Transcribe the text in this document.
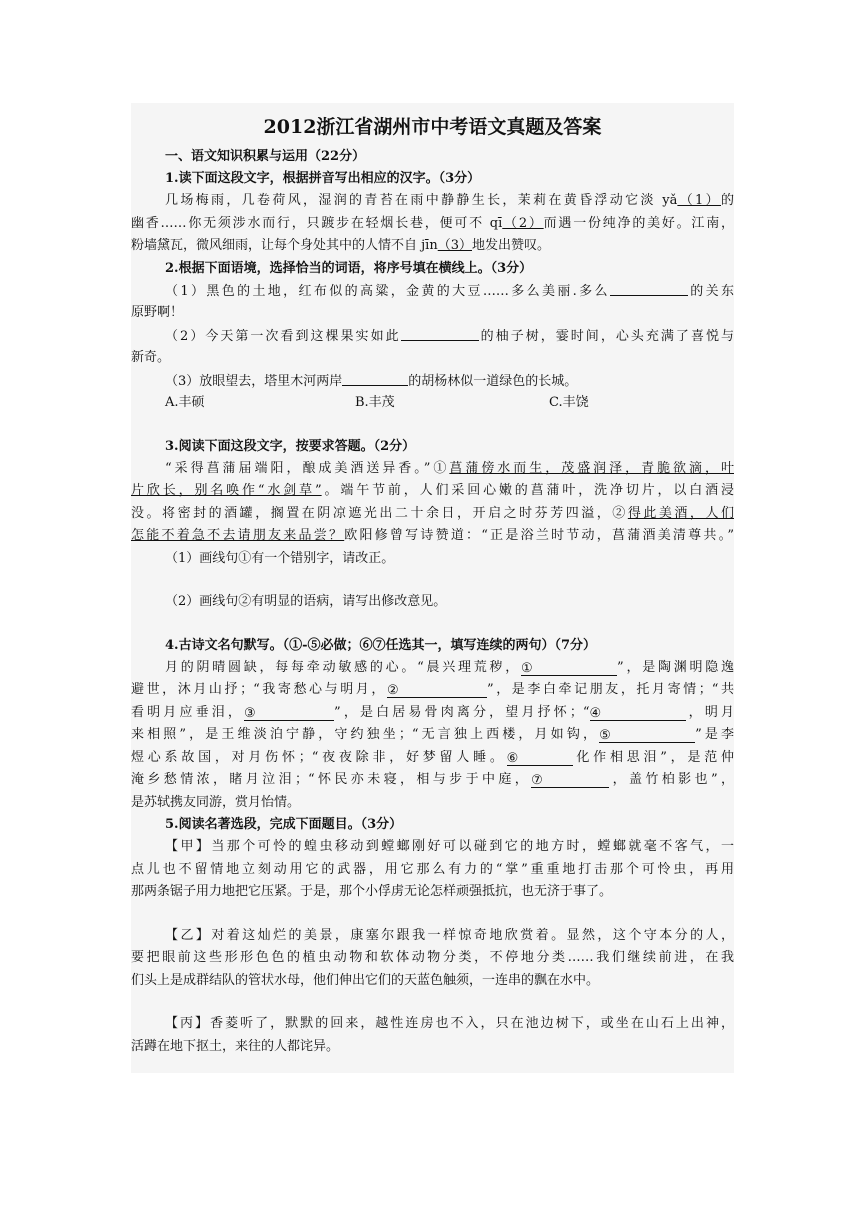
2012浙江省湖州市中考语文真题及答案
一、语文知识积累与运用（22分）
1.读下面这段文字，根据拼音写出相应的汉字。（3分）
几场梅雨，几卷荷风，湿润的青苔在雨中静静生长，茉莉在黄昏浮动它淡 yǎ（1）的
幽香……你无须涉水而行，只踱步在轻烟长巷，便可不 qī（2）而遇一份纯净的美好。江南，
粉墙黛瓦，微风细雨，让每个身处其中的人情不自 jīn（3）地发出赞叹。
2.根据下面语境，选择恰当的词语，将序号填在横线上。（3分）
（1）黑色的土地，红布似的高粱，金黄的大豆……多么美丽.多么	的关东
原野啊！
（2）今天第一次看到这棵果实如此	的柚子树，霎时间，心头充满了喜悦与
新奇。
（3）放眼望去，塔里木河两岸	的胡杨林似一道绿色的长城。
A.丰硕	B.丰茂	C.丰饶
3.阅读下面这段文字，按要求答题。（2分）
“采得菖蒲届端阳，酿成美酒送异香。”①菖蒲傍水而生，茂盛润泽，青脆欲滴，叶
片欣长，别名唤作“水剑草”。端午节前，人们采回心嫩的菖蒲叶，洗净切片，以白酒浸
没。将密封的酒罐，搁置在阴凉遮光出二十余日，开启之时芬芳四溢，②得此美酒，人们
怎能不着急不去请朋友来品尝？欧阳修曾写诗赞道：“正是浴兰时节动，菖蒲酒美清尊共。”
（1）画线句①有一个错别字，请改正。
（2）画线句②有明显的语病，请写出修改意见。
4.古诗文名句默写。（①-⑤必做；⑥⑦任选其一，填写连续的两句）（7分）
月的阴晴圆缺，每每牵动敏感的心。“晨兴理荒秽，①	”，是陶渊明隐逸
避世，沐月山抒；“我寄愁心与明月，②	”，是李白牵记朋友，托月寄情；“共
看明月应垂泪，③	”，是白居易骨肉离分，望月抒怀；“④	，明月
来相照”，是王维淡泊宁静，守约独坐；“无言独上西楼，月如钩，⑤	”是李
煜心系故国，对月伤怀；“夜夜除非，好梦留人睡。⑥	化作相思泪”，是范仲
淹乡愁情浓，睹月泣泪；“怀民亦未寝，相与步于中庭，⑦	，盖竹柏影也”，
是苏轼携友同游，赏月怡情。
5.阅读名著选段，完成下面题目。（3分）
【甲】当那个可怜的蝗虫移动到螳螂刚好可以碰到它的地方时，螳螂就毫不客气，一
点儿也不留情地立刻动用它的武器，用它那么有力的“掌”重重地打击那个可怜虫，再用
那两条锯子用力地把它压紧。于是，那个小俘虏无论怎样顽强抵抗，也无济于事了。
【乙】对着这灿烂的美景，康塞尔跟我一样惊奇地欣赏着。显然，这个守本分的人，
要把眼前这些形形色色的植虫动物和软体动物分类，不停地分类……我们继续前进，在我
们头上是成群结队的管状水母，他们伸出它们的天蓝色触须，一连串的飘在水中。
【丙】香菱听了，默默的回来，越性连房也不入，只在池边树下，或坐在山石上出神，
活蹲在地下抠土，来往的人都诧异。
